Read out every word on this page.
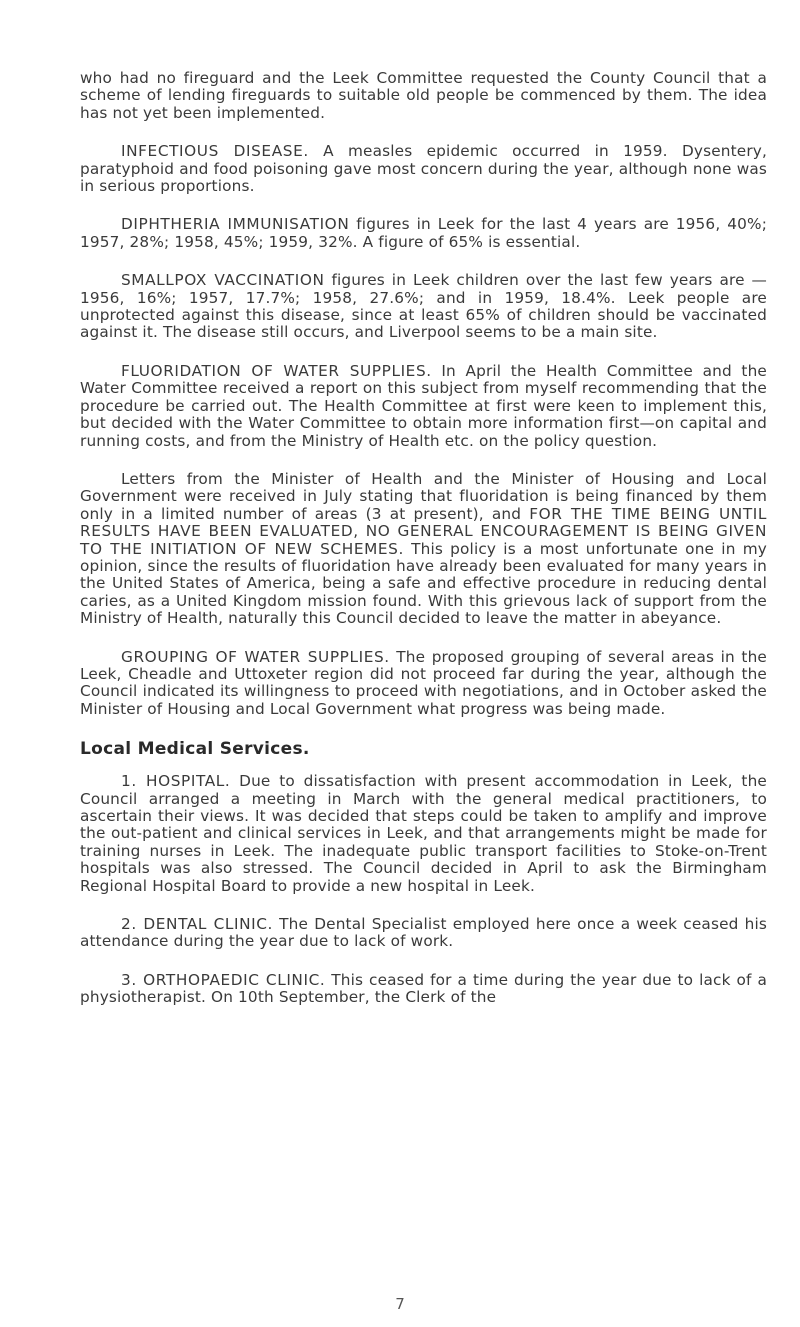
who had no fireguard and the Leek Committee requested the County Council that a scheme of lending fireguards to suitable old people be commenced by them. The idea has not yet been implemented.

INFECTIOUS DISEASE. A measles epidemic occurred in 1959. Dysentery, paratyphoid and food poisoning gave most concern during the year, although none was in serious proportions.

DIPHTHERIA IMMUNISATION figures in Leek for the last 4 years are 1956, 40%; 1957, 28%; 1958, 45%; 1959, 32%. A figure of 65% is essential.

SMALLPOX VACCINATION figures in Leek children over the last few years are — 1956, 16%; 1957, 17.7%; 1958, 27.6%; and in 1959, 18.4%. Leek people are unprotected against this disease, since at least 65% of children should be vaccinated against it. The disease still occurs, and Liverpool seems to be a main site.

FLUORIDATION OF WATER SUPPLIES. In April the Health Committee and the Water Committee received a report on this subject from myself recommending that the procedure be carried out. The Health Committee at first were keen to implement this, but decided with the Water Committee to obtain more information first—on capital and running costs, and from the Ministry of Health etc. on the policy question.

Letters from the Minister of Health and the Minister of Housing and Local Government were received in July stating that fluoridation is being financed by them only in a limited number of areas (3 at present), and FOR THE TIME BEING UNTIL RESULTS HAVE BEEN EVALUATED, NO GENERAL ENCOURAGEMENT IS BEING GIVEN TO THE INITIATION OF NEW SCHEMES. This policy is a most unfortunate one in my opinion, since the results of fluoridation have already been evaluated for many years in the United States of America, being a safe and effective procedure in reducing dental caries, as a United Kingdom mission found. With this grievous lack of support from the Ministry of Health, naturally this Council decided to leave the matter in abeyance.

GROUPING OF WATER SUPPLIES. The proposed grouping of several areas in the Leek, Cheadle and Uttoxeter region did not proceed far during the year, although the Council indicated its willingness to proceed with negotiations, and in October asked the Minister of Housing and Local Government what progress was being made.

Local Medical Services.

1. HOSPITAL. Due to dissatisfaction with present accommodation in Leek, the Council arranged a meeting in March with the general medical practitioners, to ascertain their views. It was decided that steps could be taken to amplify and improve the out-patient and clinical services in Leek, and that arrangements might be made for training nurses in Leek. The inadequate public transport facilities to Stoke-on-Trent hospitals was also stressed. The Council decided in April to ask the Birmingham Regional Hospital Board to provide a new hospital in Leek.

2. DENTAL CLINIC. The Dental Specialist employed here once a week ceased his attendance during the year due to lack of work.

3. ORTHOPAEDIC CLINIC. This ceased for a time during the year due to lack of a physiotherapist. On 10th September, the Clerk of the

7
